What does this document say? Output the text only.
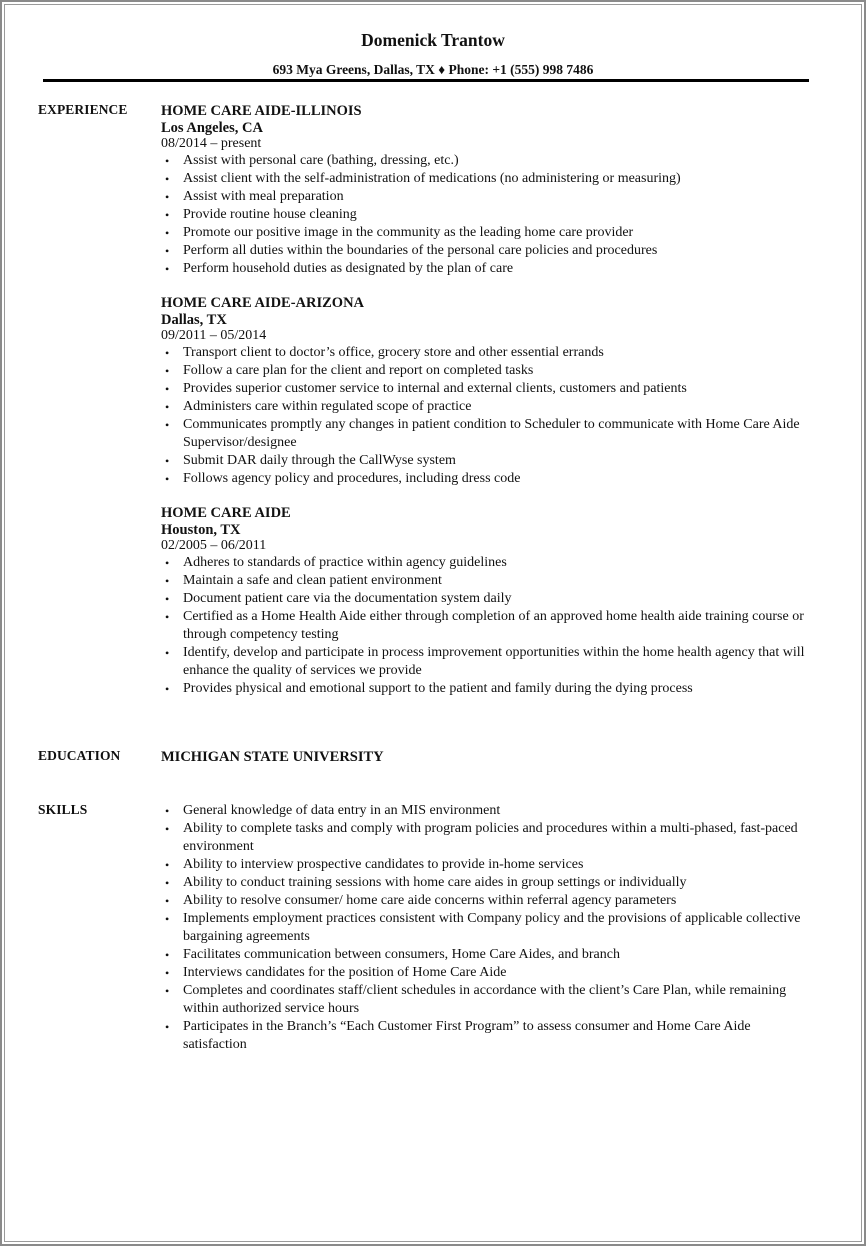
Domenick Trantow
693 Mya Greens, Dallas, TX ♦ Phone: +1 (555) 998 7486
EXPERIENCE HOME CARE AIDE-ILLINOIS
Los Angeles, CA
08/2014 – present
• Assist with personal care (bathing, dressing, etc.)
• Assist client with the self-administration of medications (no administering or measuring)
• Assist with meal preparation
• Provide routine house cleaning
• Promote our positive image in the community as the leading home care provider
• Perform all duties within the boundaries of the personal care policies and procedures
• Perform household duties as designated by the plan of care
HOME CARE AIDE-ARIZONA
Dallas, TX
09/2011 – 05/2014
• Transport client to doctor’s office, grocery store and other essential errands
• Follow a care plan for the client and report on completed tasks
• Provides superior customer service to internal and external clients, customers and patients
• Administers care within regulated scope of practice
• Communicates promptly any changes in patient condition to Scheduler to communicate with Home Care Aide Supervisor/designee
• Submit DAR daily through the CallWyse system
• Follows agency policy and procedures, including dress code
HOME CARE AIDE
Houston, TX
02/2005 – 06/2011
• Adheres to standards of practice within agency guidelines
• Maintain a safe and clean patient environment
• Document patient care via the documentation system daily
• Certified as a Home Health Aide either through completion of an approved home health aide training course or through competency testing
• Identify, develop and participate in process improvement opportunities within the home health agency that will enhance the quality of services we provide
• Provides physical and emotional support to the patient and family during the dying process
EDUCATION	MICHIGAN STATE UNIVERSITY
SKILLS	• General knowledge of data entry in an MIS environment
• Ability to complete tasks and comply with program policies and procedures within a multi-phased, fast-paced environment
• Ability to interview prospective candidates to provide in-home services
• Ability to conduct training sessions with home care aides in group settings or individually
• Ability to resolve consumer/ home care aide concerns within referral agency parameters
• Implements employment practices consistent with Company policy and the provisions of applicable collective bargaining agreements
• Facilitates communication between consumers, Home Care Aides, and branch
• Interviews candidates for the position of Home Care Aide
• Completes and coordinates staff/client schedules in accordance with the client’s Care Plan, while remaining within authorized service hours
• Participates in the Branch’s “Each Customer First Program” to assess consumer and Home Care Aide satisfaction
